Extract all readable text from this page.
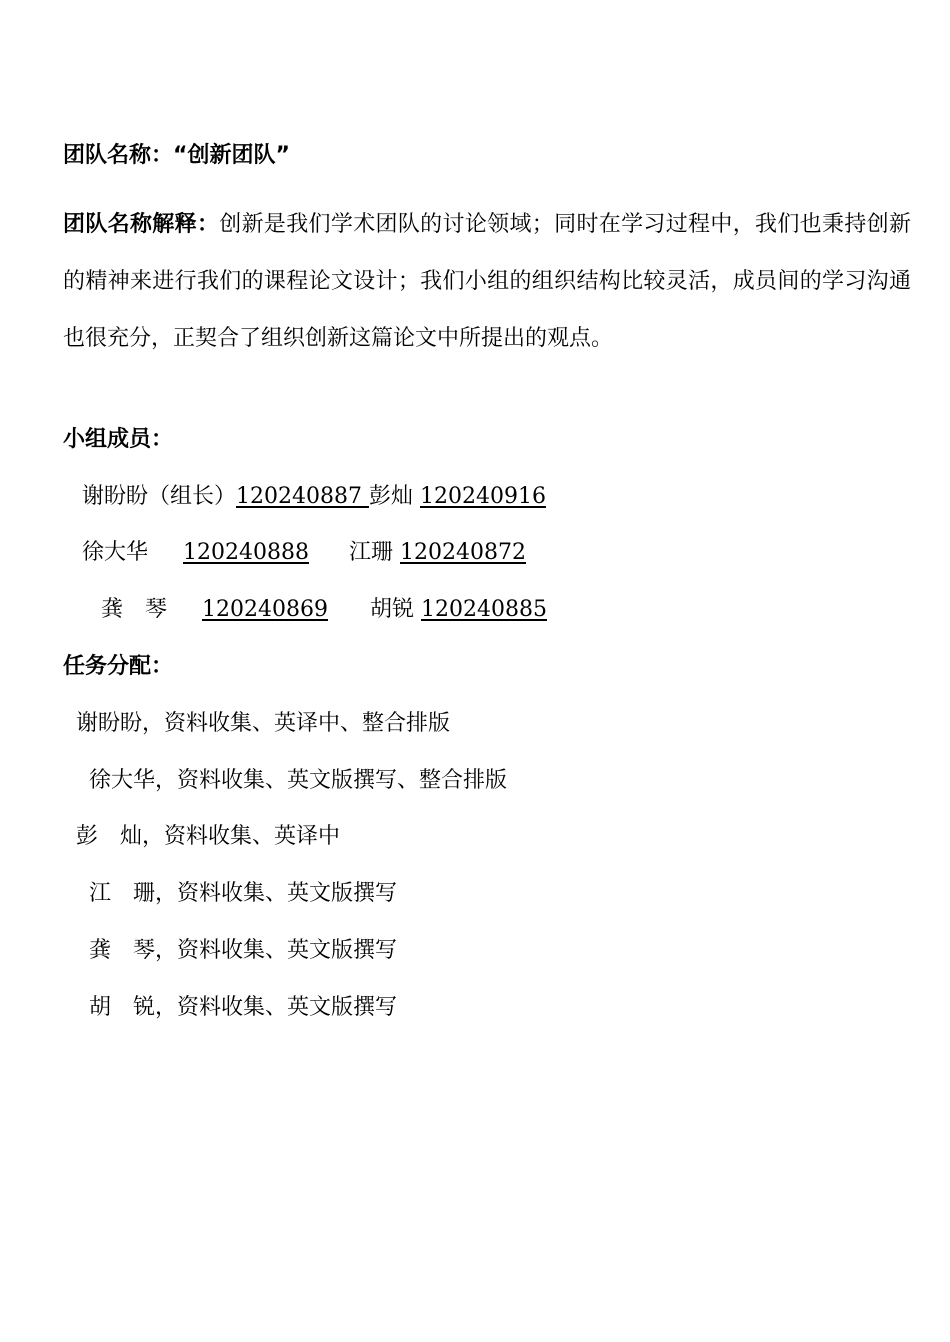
团队名称：“创新团队”
团队名称解释：创新是我们学术团队的讨论领域；同时在学习过程中，我们也秉持创新的精神来进行我们的课程论文设计；我们小组的组织结构比较灵活，成员间的学习沟通也很充分，正契合了组织创新这篇论文中所提出的观点。
小组成员：
谢盼盼（组长）120240887 彭灿 120240916
徐大华 120240888 江珊 120240872
龚　琴 120240869 胡锐 120240885
任务分配：
谢盼盼，资料收集、英译中、整合排版
徐大华，资料收集、英文版撰写、整合排版
彭　灿，资料收集、英译中
江　珊，资料收集、英文版撰写
龚　琴，资料收集、英文版撰写
胡　锐，资料收集、英文版撰写
